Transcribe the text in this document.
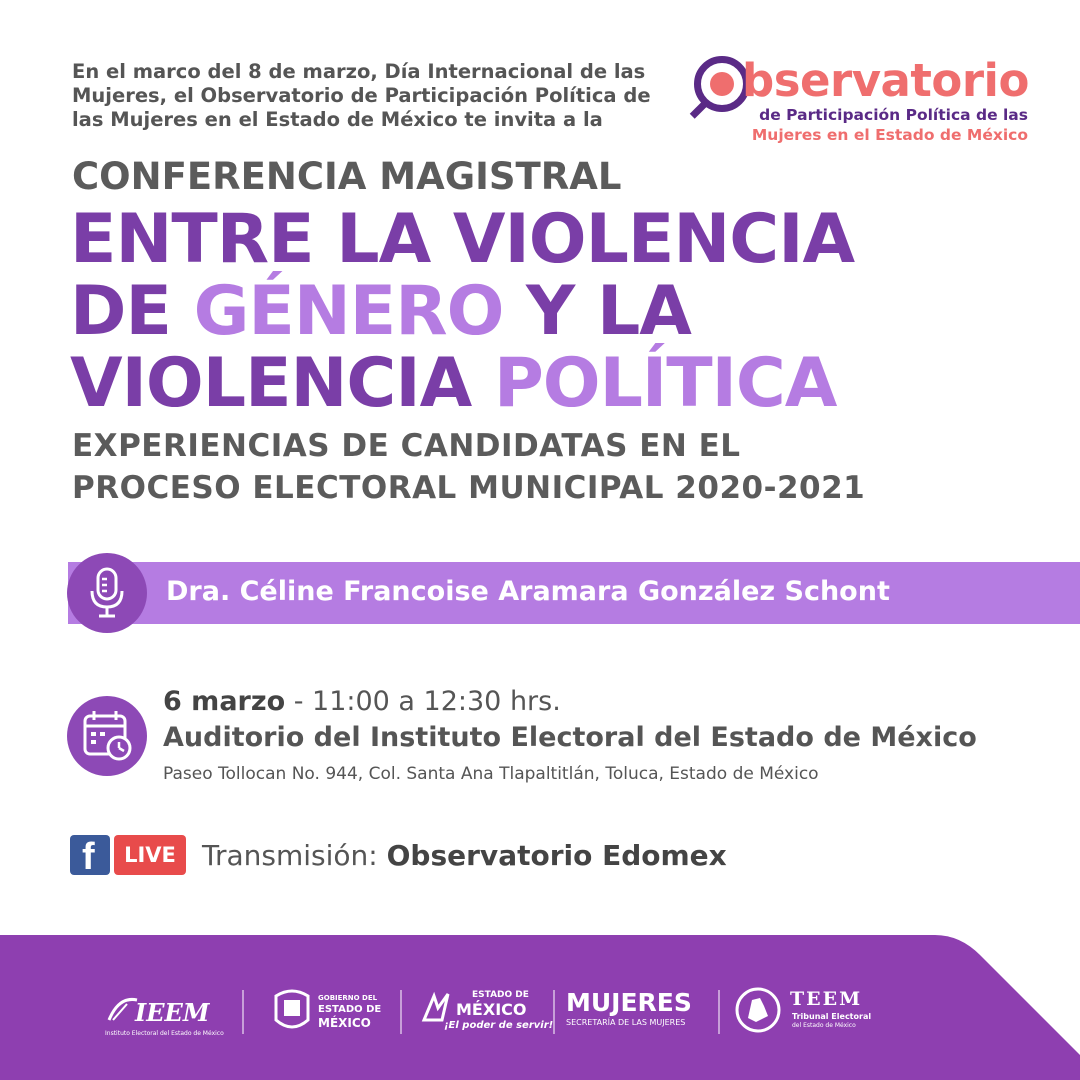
En el marco del 8 de marzo, Día Internacional de las
Mujeres, el Observatorio de Participación Política de
las Mujeres en el Estado de México te invita a la
bservatorio
de Participación Política de las
Mujeres en el Estado de México
CONFERENCIA MAGISTRAL
ENTRE LA VIOLENCIA
DE GÉNERO Y LA
VIOLENCIA POLÍTICA
EXPERIENCIAS DE CANDIDATAS EN EL
PROCESO ELECTORAL MUNICIPAL 2020-2021
Dra. Céline Francoise Aramara González Schont
6 marzo - 11:00 a 12:30 hrs.
Auditorio del Instituto Electoral del Estado de México
Paseo Tollocan No. 944, Col. Santa Ana Tlapaltitlán, Toluca, Estado de México
f	LIVE Transmisión: Observatorio Edomex
IEEM
Instituto Electoral del Estado de México
GOBIERNO DEL
ESTADO DE
MÉXICO
ESTADO DE
MÉXICO
¡El poder de servir!
MUJERES
SECRETARÍA DE LAS MUJERES
TEEM
Tribunal Electoral
del Estado de México
